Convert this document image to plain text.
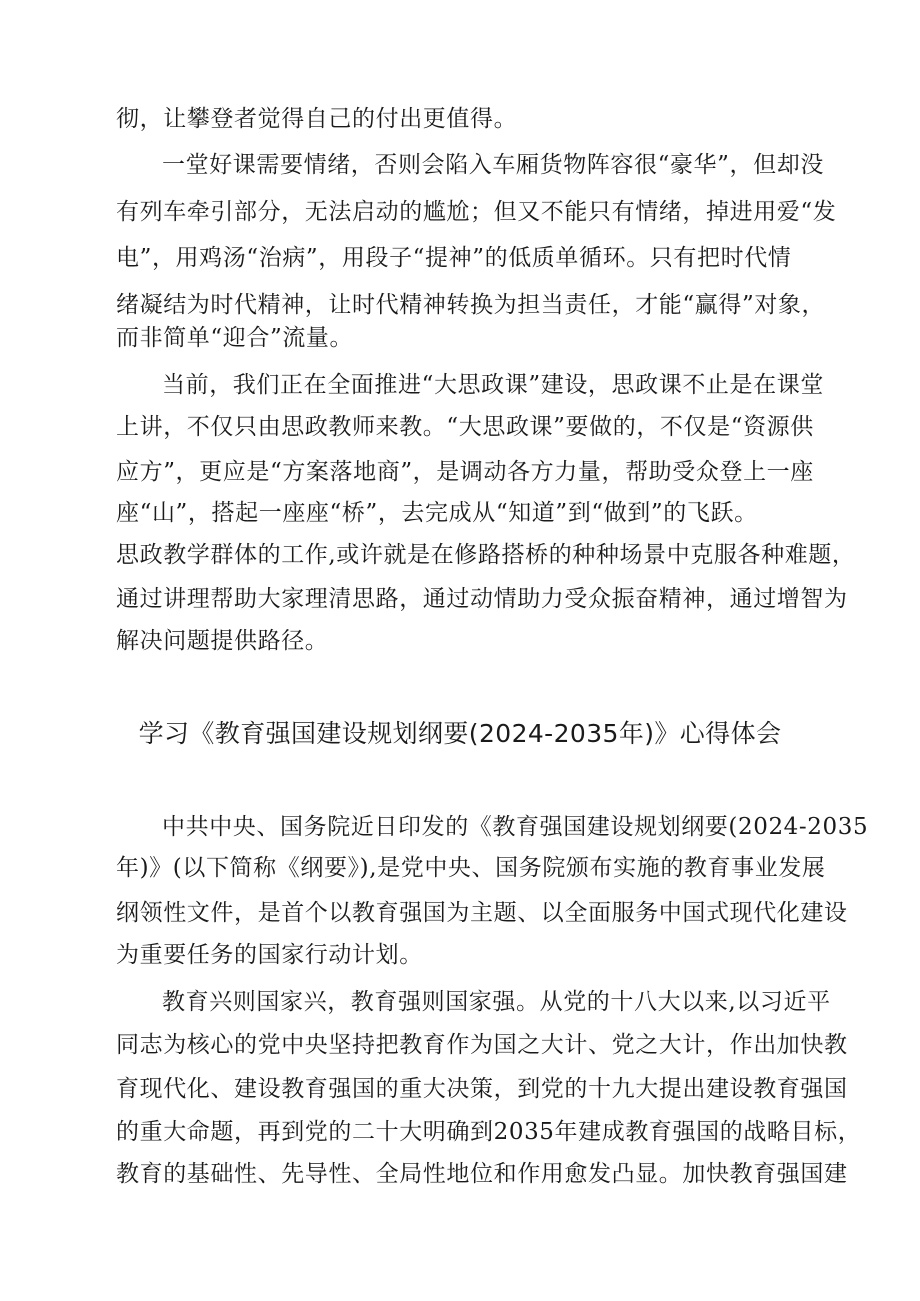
彻，让攀登者觉得自己的付出更值得。
一堂好课需要情绪，否则会陷入车厢货物阵容很“豪华”，但却没
有列车牵引部分，无法启动的尴尬；但又不能只有情绪，掉进用爱“发
电”，用鸡汤“治病”，用段子“提神”的低质单循环。只有把时代情
绪凝结为时代精神，让时代精神转换为担当责任，才能“赢得”对象，
而非简单“迎合”流量。
当前，我们正在全面推进“大思政课”建设，思政课不止是在课堂
上讲，不仅只由思政教师来教。“大思政课”要做的，不仅是“资源供
应方”，更应是“方案落地商”，是调动各方力量，帮助受众登上一座
座“山”，搭起一座座“桥”，去完成从“知道”到“做到”的飞跃。
思政教学群体的工作,或许就是在修路搭桥的种种场景中克服各种难题，
通过讲理帮助大家理清思路，通过动情助力受众振奋精神，通过增智为
解决问题提供路径。
学习《教育强国建设规划纲要(2024-2035年)》心得体会
中共中央、国务院近日印发的《教育强国建设规划纲要(2024-2035
年)》(以下简称《纲要》),是党中央、国务院颁布实施的教育事业发展
纲领性文件，是首个以教育强国为主题、以全面服务中国式现代化建设
为重要任务的国家行动计划。
教育兴则国家兴，教育强则国家强。从党的十八大以来,以习近平
同志为核心的党中央坚持把教育作为国之大计、党之大计，作出加快教
育现代化、建设教育强国的重大决策，到党的十九大提出建设教育强国
的重大命题，再到党的二十大明确到2035年建成教育强国的战略目标，
教育的基础性、先导性、全局性地位和作用愈发凸显。加快教育强国建
